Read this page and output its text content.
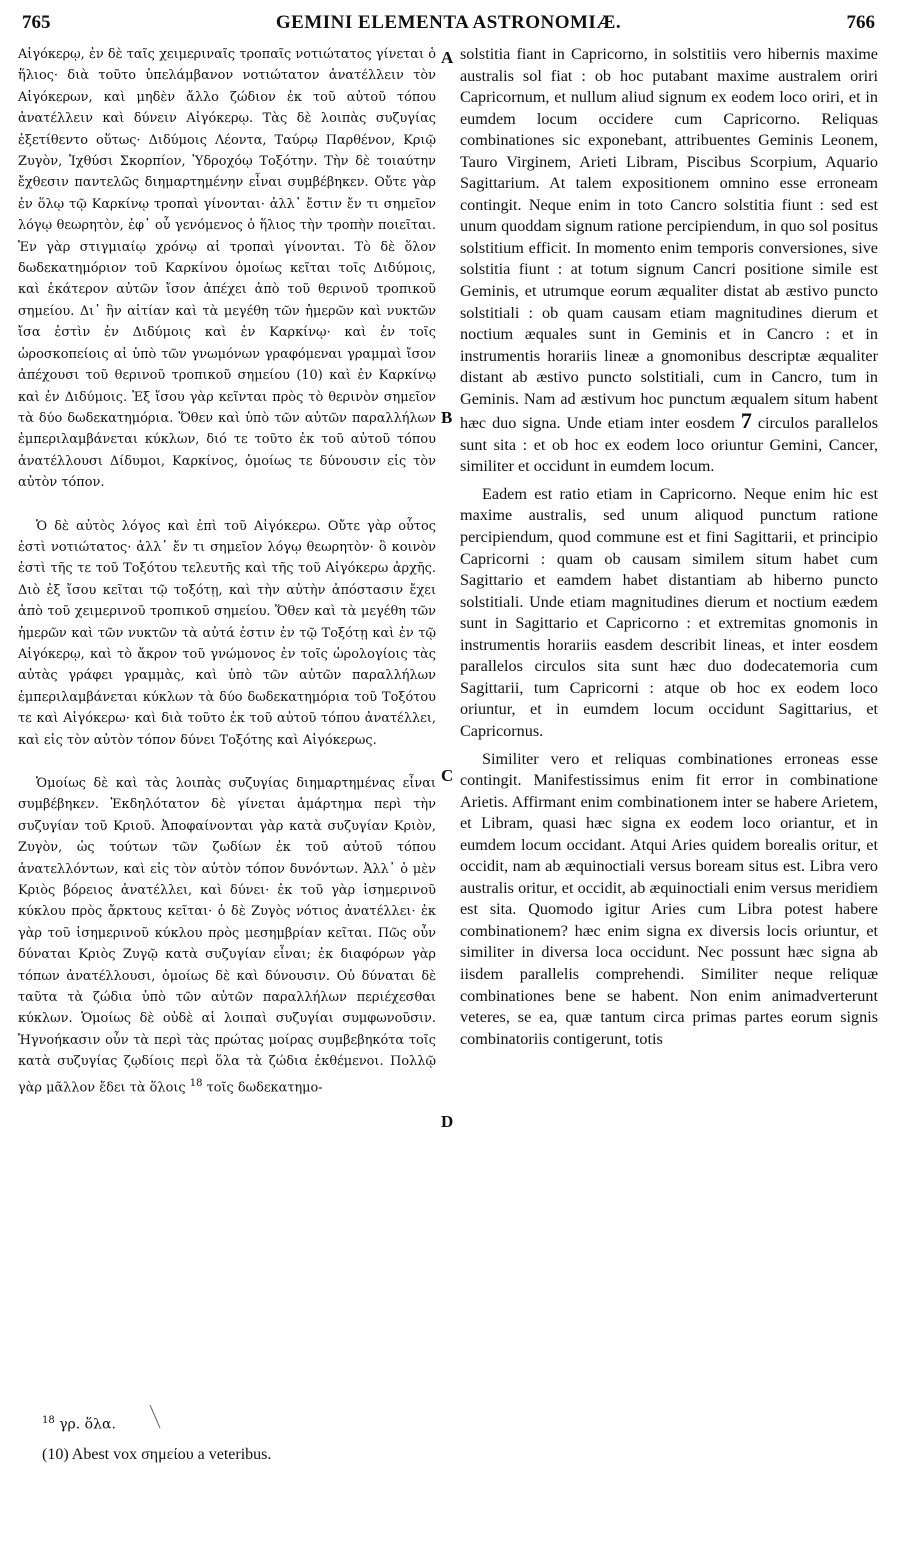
765	GEMINI ELEMENTA ASTRONOMIÆ.	766

Αἰγόκερῳ, ἐν δὲ ταῖς χειμεριναῖς τροπαῖς νοτιώτατος γίνεται ὁ ἥλιος· διὰ τοῦτο ὑπελάμβανον νοτιώτατον ἀνατέλλειν τὸν Αἰγόκερων, καὶ μηδὲν ἄλλο ζώδιον ἐκ τοῦ αὐτοῦ τόπου ἀνατέλλειν καὶ δύνειν Αἰγόκερῳ. Τὰς δὲ λοιπὰς συζυγίας ἐξετίθεντο οὕτως· Διδύμοις Λέοντα, Ταύρῳ Παρθένον, Κριῷ Ζυγὸν, Ἰχθύσι Σκορπίον, Ὑδροχόῳ Τοξότην. Τὴν δὲ τοιαύτην ἔχθεσιν παντελῶς διημαρτημένην εἶναι συμβέβηκεν. Οὔτε γὰρ ἐν ὅλῳ τῷ Καρκίνῳ τροπαὶ γίνονται· ἀλλ᾽ ἔστιν ἔν τι σημεῖον λόγῳ θεωρητὸν, ἐφ᾽ οὗ γενόμενος ὁ ἥλιος τὴν τροπὴν ποιεῖται. Ἐν γὰρ στιγμιαίῳ χρόνῳ αἱ τροπαὶ γίνονται. Τὸ δὲ ὅλον δωδεκατημόριον τοῦ Καρκίνου ὁμοίως κεῖται τοῖς Διδύμοις, καὶ ἑκάτερον αὐτῶν ἴσον ἀπέχει ἀπὸ τοῦ θερινοῦ τροπικοῦ σημείου. Δι᾽ ἣν αἰτίαν καὶ τὰ μεγέθη τῶν ἡμερῶν καὶ νυκτῶν ἴσα ἐστὶν ἐν Διδύμοις καὶ ἐν Καρκίνῳ· καὶ ἐν τοῖς ὡροσκοπείοις αἱ ὑπὸ τῶν γνωμόνων γραφόμεναι γραμμαὶ ἴσον ἀπέχουσι τοῦ θερινοῦ τροπικοῦ σημείου (10) καὶ ἐν Καρκίνῳ καὶ ἐν Διδύμοις. Ἐξ ἴσου γὰρ κεῖνται πρὸς τὸ θερινὸν σημεῖον τὰ δύο δωδεκατημόρια. Ὅθεν καὶ ὑπὸ τῶν αὐτῶν παραλλήλων ἐμπεριλαμβάνεται κύκλων, διό τε τοῦτο ἐκ τοῦ αὐτοῦ τόπου ἀνατέλλουσι Δίδυμοι, Καρκίνος, ὁμοίως τε δύνουσιν εἰς τὸν αὐτὸν τόπον.

Ὁ δὲ αὐτὸς λόγος καὶ ἐπὶ τοῦ Αἰγόκερω. Οὔτε γὰρ οὗτος ἐστὶ νοτιώτατος· ἀλλ᾽ ἔν τι σημεῖον λόγῳ θεωρητὸν· ὃ κοινὸν ἐστὶ τῆς τε τοῦ Τοξότου τελευτῆς καὶ τῆς τοῦ Αἰγόκερω ἀρχῆς. Διὸ ἐξ ἴσου κεῖται τῷ τοξότῃ, καὶ τὴν αὐτὴν ἀπόστασιν ἔχει ἀπὸ τοῦ χειμερινοῦ τροπικοῦ σημείου. Ὅθεν καὶ τὰ μεγέθη τῶν ἡμερῶν καὶ τῶν νυκτῶν τὰ αὐτά ἐστιν ἐν τῷ Τοξότῃ καὶ ἐν τῷ Αἰγόκερῳ, καὶ τὸ ἄκρον τοῦ γνώμονος ἐν τοῖς ὡρολογίοις τὰς αὐτὰς γράφει γραμμὰς, καὶ ὑπὸ τῶν αὐτῶν παραλλήλων ἐμπεριλαμβάνεται κύκλων τὰ δύο δωδεκατημόρια τοῦ Τοξότου τε καὶ Αἰγόκερω· καὶ διὰ τοῦτο ἐκ τοῦ αὐτοῦ τόπου ἀνατέλλει, καὶ εἰς τὸν αὐτὸν τόπον δύνει Τοξότης καὶ Αἰγόκερως.

Ὁμοίως δὲ καὶ τὰς λοιπὰς συζυγίας διημαρτημένας εἶναι συμβέβηκεν. Ἐκδηλότατον δὲ γίνεται ἁμάρτημα περὶ τὴν συζυγίαν τοῦ Κριοῦ. Ἀποφαίνονται γὰρ κατὰ συζυγίαν Κριὸν, Ζυγὸν, ὡς τούτων τῶν ζωδίων ἐκ τοῦ αὐτοῦ τόπου ἀνατελλόντων, καὶ εἰς τὸν αὐτὸν τόπον δυνόντων. Ἀλλ᾽ ὁ μὲν Κριὸς βόρειος ἀνατέλλει, καὶ δύνει· ἐκ τοῦ γὰρ ἰσημερινοῦ κύκλου πρὸς ἄρκτους κεῖται· ὁ δὲ Ζυγὸς νότιος ἀνατέλλει· ἐκ γὰρ τοῦ ἰσημερινοῦ κύκλου πρὸς μεσημβρίαν κεῖται. Πῶς οὖν δύναται Κριὸς Ζυγῷ κατὰ συζυγίαν εἶναι; ἐκ διαφόρων γὰρ τόπων ἀνατέλλουσι, ὁμοίως δὲ καὶ δύνουσιν. Οὐ δύναται δὲ ταῦτα τὰ ζώδια ὑπὸ τῶν αὐτῶν παραλλήλων περιέχεσθαι κύκλων. Ὁμοίως δὲ οὐδὲ αἱ λοιπαὶ συζυγίαι συμφωνοῦσιν. Ἠγνοήκασιν οὖν τὰ περὶ τὰς πρώτας μοίρας συμβεβηκότα τοῖς κατὰ συζυγίας ζῳδίοις περὶ ὅλα τὰ ζώδια ἐκθέμενοι. Πολλῷ γὰρ μᾶλλον ἔδει τὰ ὅλοις $^{18}$ τοῖς δωδεκατημο-

A
B
C
D

solstitia fiant in Capricorno, in solstitiis vero hibernis maxime australis sol fiat : ob hoc putabant maxime australem oriri Capricornum, et nullum aliud signum ex eodem loco oriri, et in eumdem locum occidere cum Capricorno. Reliquas combinationes sic exponebant, attribuentes Geminis Leonem, Tauro Virginem, Arieti Libram, Piscibus Scorpium, Aquario Sagittarium. At talem expositionem omnino esse erroneam contingit. Neque enim in toto Cancro solstitia fiunt : sed est unum quoddam signum ratione percipiendum, in quo sol positus solstitium efficit. In momento enim temporis conversiones, sive solstitia fiunt : at totum signum Cancri positione simile est Geminis, et utrumque eorum æqualiter distat ab æstivo puncto solstitiali : ob quam causam etiam magnitudines dierum et noctium æquales sunt in Geminis et in Cancro : et in instrumentis horariis lineæ a gnomonibus descriptæ æqualiter distant ab æstivo puncto solstitiali, cum in Cancro, tum in Geminis. Nam ad æstivum hoc punctum æqualem situm habent hæc duo signa. Unde etiam inter eosdem 7 circulos parallelos sunt sita : et ob hoc ex eodem loco oriuntur Gemini, Cancer, similiter et occidunt in eumdem locum.

Eadem est ratio etiam in Capricorno. Neque enim hic est maxime australis, sed unum aliquod punctum ratione percipiendum, quod commune est et fini Sagittarii, et principio Capricorni : quam ob causam similem situm habet cum Sagittario et eamdem habet distantiam ab hiberno puncto solstitiali. Unde etiam magnitudines dierum et noctium eædem sunt in Sagittario et Capricorno : et extremitas gnomonis in instrumentis horariis easdem describit lineas, et inter eosdem parallelos circulos sita sunt hæc duo dodecatemoria cum Sagittarii, tum Capricorni : atque ob hoc ex eodem loco oriuntur, et in eumdem locum occidunt Sagittarius, et Capricornus.

Similiter vero et reliquas combinationes erroneas esse contingit. Manifestissimus enim fit error in combinatione Arietis. Affirmant enim combinationem inter se habere Arietem, et Libram, quasi hæc signa ex eodem loco oriantur, et in eumdem locum occidant. Atqui Aries quidem borealis oritur, et occidit, nam ab æquinoctiali versus boream situs est. Libra vero australis oritur, et occidit, ab æquinoctiali enim versus meridiem est sita. Quomodo igitur Aries cum Libra potest habere combinationem? hæc enim signa ex diversis locis oriuntur, et similiter in diversa loca occidunt. Nec possunt hæc signa ab iisdem parallelis comprehendi. Similiter neque reliquæ combinationes bene se habent. Non enim animadverterunt veteres, se ea, quæ tantum circa primas partes eorum signis combinatoriis contigerunt, totis

$^{18}$ γρ. ὅλα.
(10) Abest vox σημείου a veteribus.
